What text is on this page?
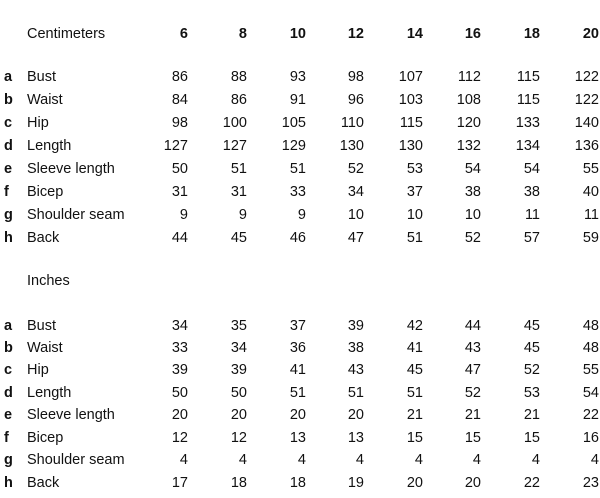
Centimeters	6	8	10	12	14	16	18	20
a Bust	86	88	93	98	107	112	115	122
b Waist	84	86	91	96	103	108	115	122
c Hip	98	100	105	110	115	120	133	140
d Length	127	127	129	130	130	132	134	136
e Sleeve length	50	51	51	52	53	54	54	55
f Bicep	31	31	33	34	37	38	38	40
g Shoulder seam	9	9	9	10	10	10	11	11
h Back	44	45	46	47	51	52	57	59
Inches
a Bust	34	35	37	39	42	44	45	48
b Waist	33	34	36	38	41	43	45	48
c Hip	39	39	41	43	45	47	52	55
d Length	50	50	51	51	51	52	53	54
e Sleeve length	20	20	20	20	21	21	21	22
f Bicep	12	12	13	13	15	15	15	16
g Shoulder seam	4	4	4	4	4	4	4	4
h Back	17	18	18	19	20	20	22	23
